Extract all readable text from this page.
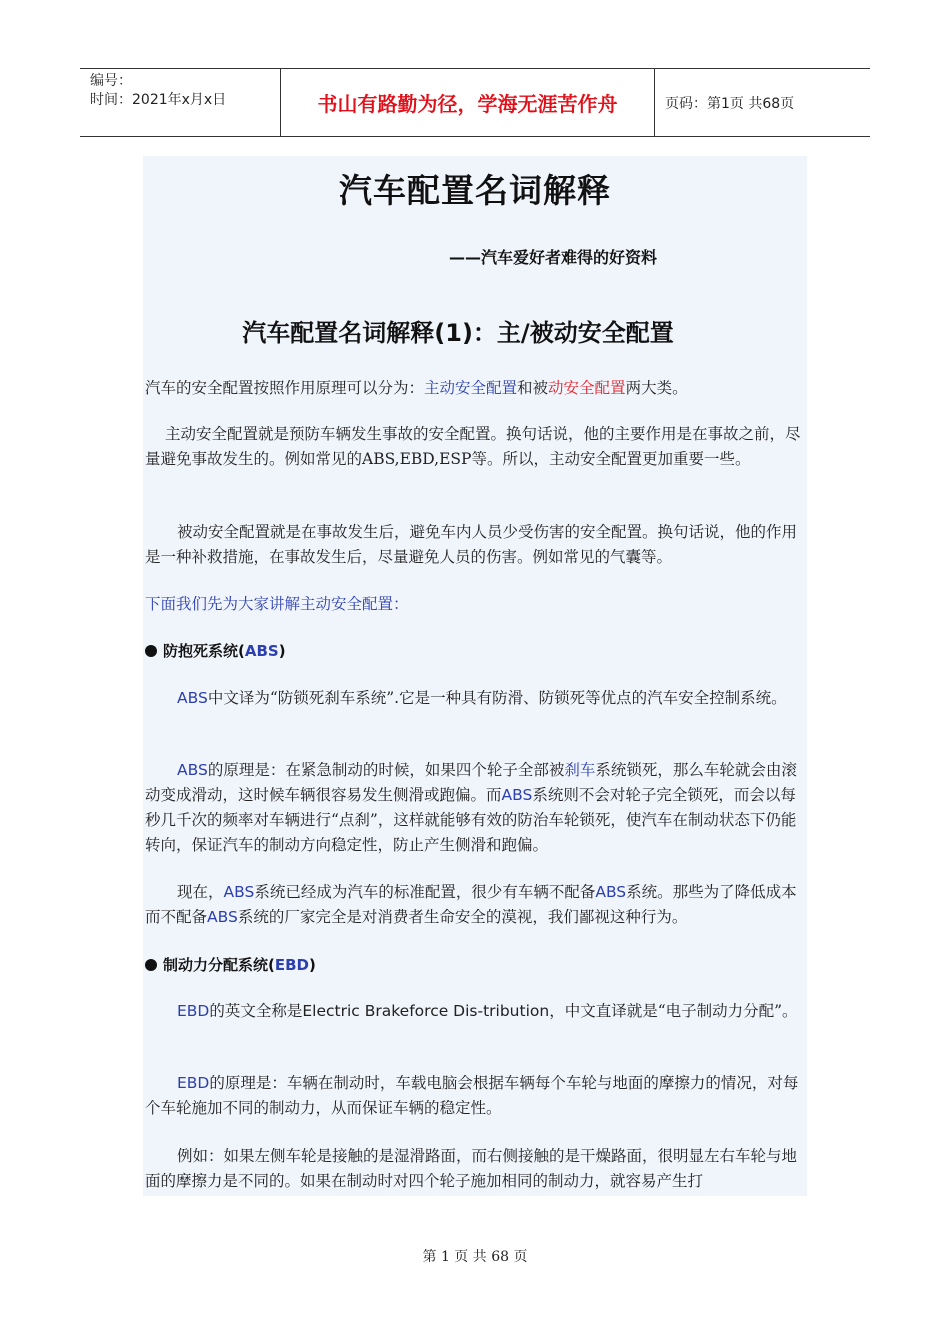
编号：
时间：2021年x月x日	书山有路勤为径，学海无涯苦作舟	页码：第1页 共68页
汽车配置名词解释
——汽车爱好者难得的好资料
汽车配置名词解释(1)：主/被动安全配置
汽车的安全配置按照作用原理可以分为：主动安全配置和被动安全配置两大类。
主动安全配置就是预防车辆发生事故的安全配置。换句话说，他的主要作用是在事故之前，尽量避免事故发生的。例如常见的ABS,EBD,ESP等。所以，主动安全配置更加重要一些。
被动安全配置就是在事故发生后，避免车内人员少受伤害的安全配置。换句话说，他的作用是一种补救措施，在事故发生后，尽量避免人员的伤害。例如常见的气囊等。
下面我们先为大家讲解主动安全配置：
防抱死系统(ABS)
ABS中文译为“防锁死刹车系统”.它是一种具有防滑、防锁死等优点的汽车安全控制系统。
ABS的原理是：在紧急制动的时候，如果四个轮子全部被刹车系统锁死，那么车轮就会由滚动变成滑动，这时候车辆很容易发生侧滑或跑偏。而ABS系统则不会对轮子完全锁死，而会以每秒几千次的频率对车辆进行“点刹”，这样就能够有效的防治车轮锁死，使汽车在制动状态下仍能转向，保证汽车的制动方向稳定性，防止产生侧滑和跑偏。
现在，ABS系统已经成为汽车的标准配置，很少有车辆不配备ABS系统。那些为了降低成本而不配备ABS系统的厂家完全是对消费者生命安全的漠视，我们鄙视这种行为。
制动力分配系统(EBD)
EBD的英文全称是Electric Brakeforce Dis-tribution，中文直译就是“电子制动力分配”。
EBD的原理是：车辆在制动时，车载电脑会根据车辆每个车轮与地面的摩擦力的情况，对每个车轮施加不同的制动力，从而保证车辆的稳定性。
例如：如果左侧车轮是接触的是湿滑路面，而右侧接触的是干燥路面，很明显左右车轮与地面的摩擦力是不同的。如果在制动时对四个轮子施加相同的制动力，就容易产生打
第 1 页 共 68 页
